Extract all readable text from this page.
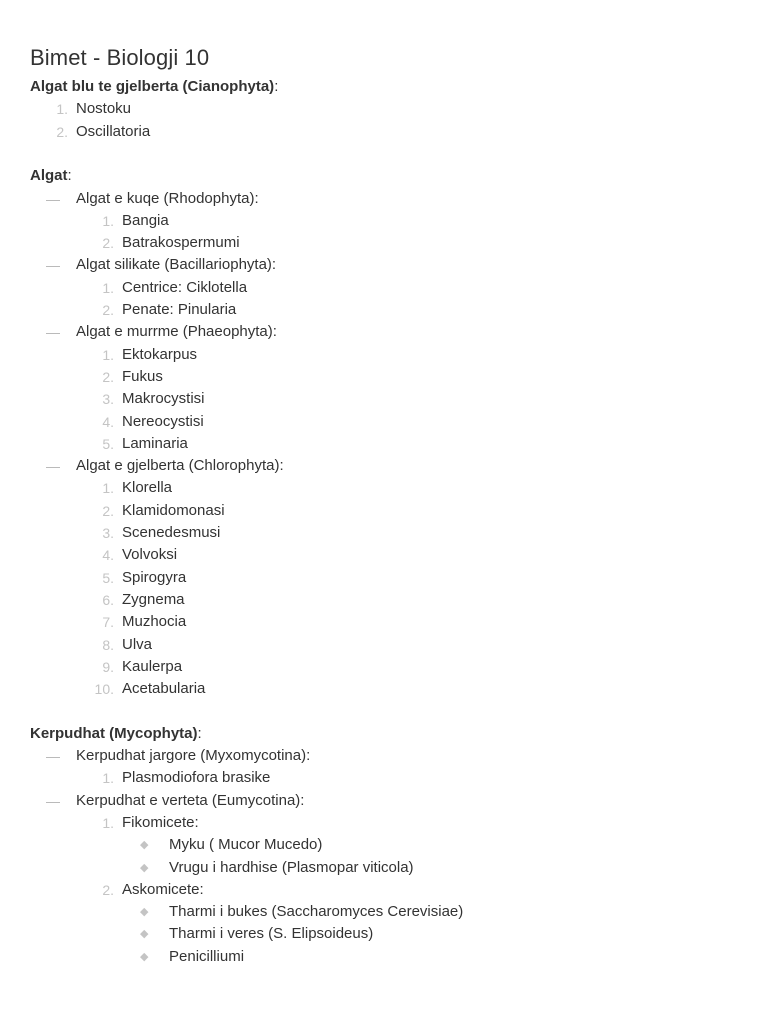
Bimet - Biologji 10
Algat blu te gjelberta (Cianophyta):
1. Nostoku
2. Oscillatoria
Algat:
— Algat e kuqe (Rhodophyta):
1. Bangia
2. Batrakospermumi
— Algat silikate (Bacillariophyta):
1. Centrice: Ciklotella
2. Penate: Pinularia
— Algat e murrme (Phaeophyta):
1. Ektokarpus
2. Fukus
3. Makrocystisi
4. Nereocystisi
5. Laminaria
— Algat e gjelberta (Chlorophyta):
1. Klorella
2. Klamidomonasi
3. Scenedesmusi
4. Volvoksi
5. Spirogyra
6. Zygnema
7. Muzhocia
8. Ulva
9. Kaulerpa
10. Acetabularia
Kerpudhat (Mycophyta):
— Kerpudhat jargore (Myxomycotina):
1. Plasmodiofora brasike
— Kerpudhat e verteta (Eumycotina):
1. Fikomicete:
◆ Myku ( Mucor Mucedo)
◆ Vrugu i hardhise (Plasmopar viticola)
2. Askomicete:
◆ Tharmi i bukes (Saccharomyces Cerevisiae)
◆ Tharmi i veres (S. Elipsoideus)
◆ Penicilliumi
